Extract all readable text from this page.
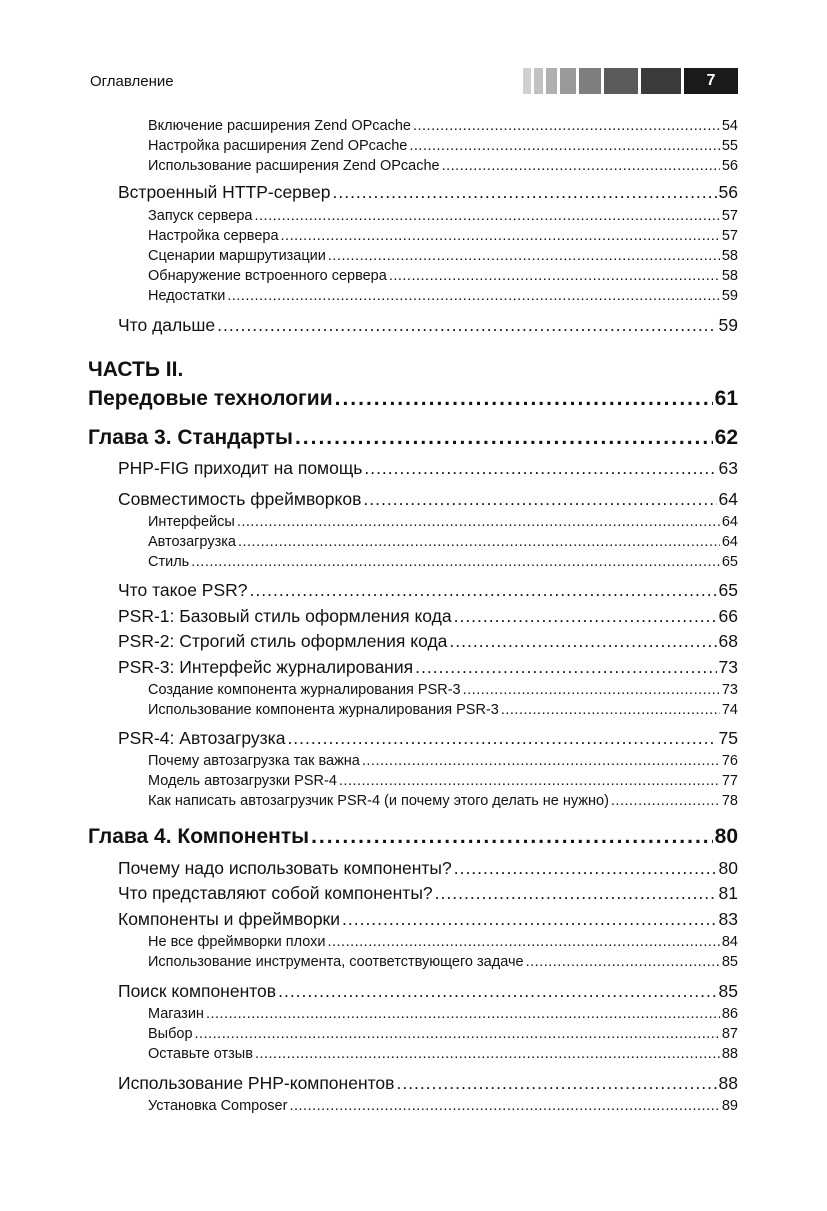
Оглавление	7
Включение расширения Zend OPcache .....	54
Настройка расширения Zend OPcache .....	55
Использование расширения Zend OPcache .....	56
Встроенный HTTP-сервер .....	56
Запуск сервера .....	57
Настройка сервера .....	57
Сценарии маршрутизации .....	58
Обнаружение встроенного сервера .....	58
Недостатки .....	59
Что дальше .....	59
ЧАСТЬ II.
Передовые технологии .....	61
Глава 3. Стандарты .....	62
PHP-FIG приходит на помощь .....	63
Совместимость фреймворков .....	64
Интерфейсы .....	64
Автозагрузка .....	64
Стиль .....	65
Что такое PSR? .....	65
PSR-1: Базовый стиль оформления кода .....	66
PSR-2: Строгий стиль оформления кода .....	68
PSR-3: Интерфейс журналирования .....	73
Создание компонента журналирования PSR-3 .....	73
Использование компонента журналирования PSR-3 .....	74
PSR-4: Автозагрузка .....	75
Почему автозагрузка так важна .....	76
Модель автозагрузки PSR-4 .....	77
Как написать автозагрузчик PSR-4 (и почему этого делать не нужно) .....	78
Глава 4. Компоненты .....	80
Почему надо использовать компоненты? .....	80
Что представляют собой компоненты? .....	81
Компоненты и фреймворки .....	83
Не все фреймворки плохи .....	84
Использование инструмента, соответствующего задаче .....	85
Поиск компонентов .....	85
Магазин .....	86
Выбор .....	87
Оставьте отзыв .....	88
Использование PHP-компонентов .....	88
Установка Composer .....	89
